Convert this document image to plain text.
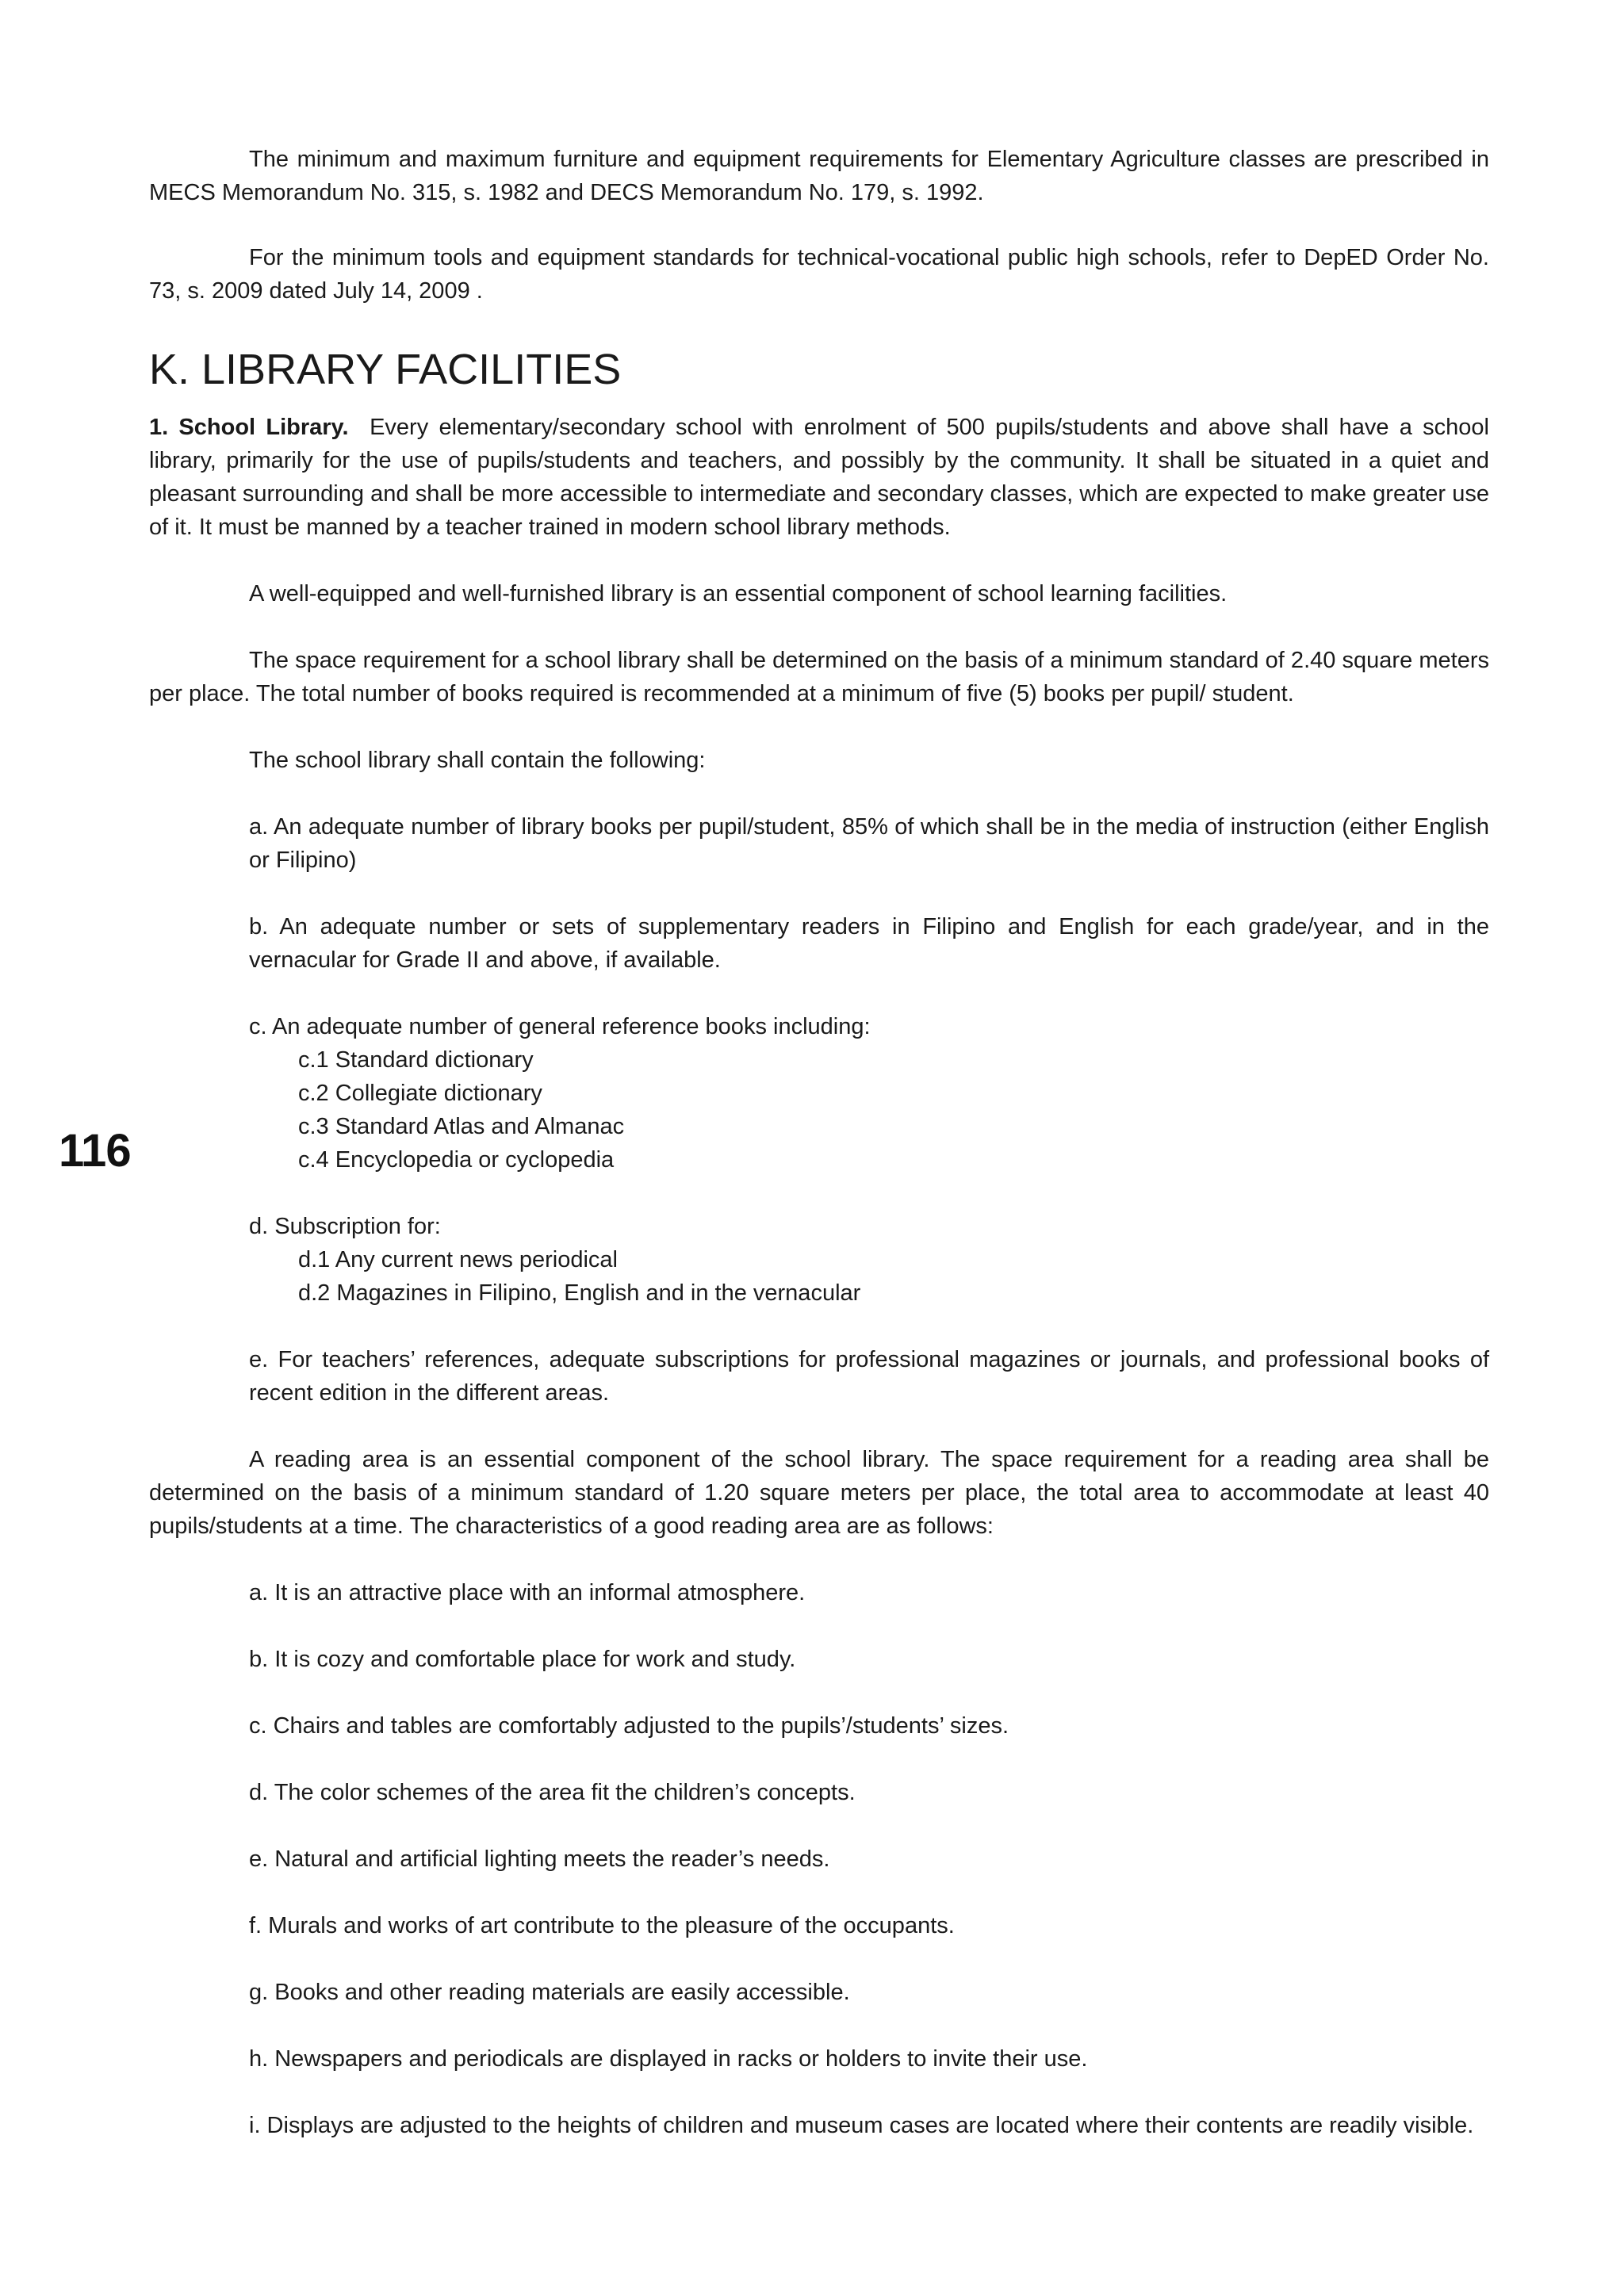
116

The minimum and maximum furniture and equipment requirements for Elementary Agriculture classes are prescribed in MECS Memorandum No. 315, s. 1982 and DECS Memorandum No. 179, s. 1992.

For the minimum tools and equipment standards for technical-vocational public high schools, refer to DepED Order No. 73, s. 2009 dated July 14, 2009 .

K. LIBRARY FACILITIES

1. School Library. Every elementary/secondary school with enrolment of 500 pupils/students and above shall have a school library, primarily for the use of pupils/students and teachers, and possibly by the community. It shall be situated in a quiet and pleasant surrounding and shall be more accessible to intermediate and secondary classes, which are expected to make greater use of it. It must be manned by a teacher trained in modern school library methods.

A well-equipped and well-furnished library is an essential component of school learning facilities.

The space requirement for a school library shall be determined on the basis of a minimum standard of 2.40 square meters per place. The total number of books required is recommended at a minimum of five (5) books per pupil/ student.

The school library shall contain the following:

a. An adequate number of library books per pupil/student, 85% of which shall be in the media of instruction (either English or Filipino)

b. An adequate number or sets of supplementary readers in Filipino and English for each grade/year, and in the vernacular for Grade II and above, if available.

c. An adequate number of general reference books including:

c.1 Standard dictionary

c.2 Collegiate dictionary

c.3 Standard Atlas and Almanac

c.4 Encyclopedia or cyclopedia

d. Subscription for:

d.1 Any current news periodical

d.2 Magazines in Filipino, English and in the vernacular

e. For teachers’ references, adequate subscriptions for professional magazines or journals, and professional books of recent edition in the different areas.

A reading area is an essential component of the school library. The space requirement for a reading area shall be determined on the basis of a minimum standard of 1.20 square meters per place, the total area to accommodate at least 40 pupils/students at a time. The characteristics of a good reading area are as follows:

a. It is an attractive place with an informal atmosphere.

b. It is cozy and comfortable place for work and study.

c. Chairs and tables are comfortably adjusted to the pupils’/students’ sizes.

d. The color schemes of the area fit the children’s concepts.

e. Natural and artificial lighting meets the reader’s needs.

f. Murals and works of art contribute to the pleasure of the occupants.

g. Books and other reading materials are easily accessible.

h. Newspapers and periodicals are displayed in racks or holders to invite their use.

i. Displays are adjusted to the heights of children and museum cases are located where their contents are readily visible.
